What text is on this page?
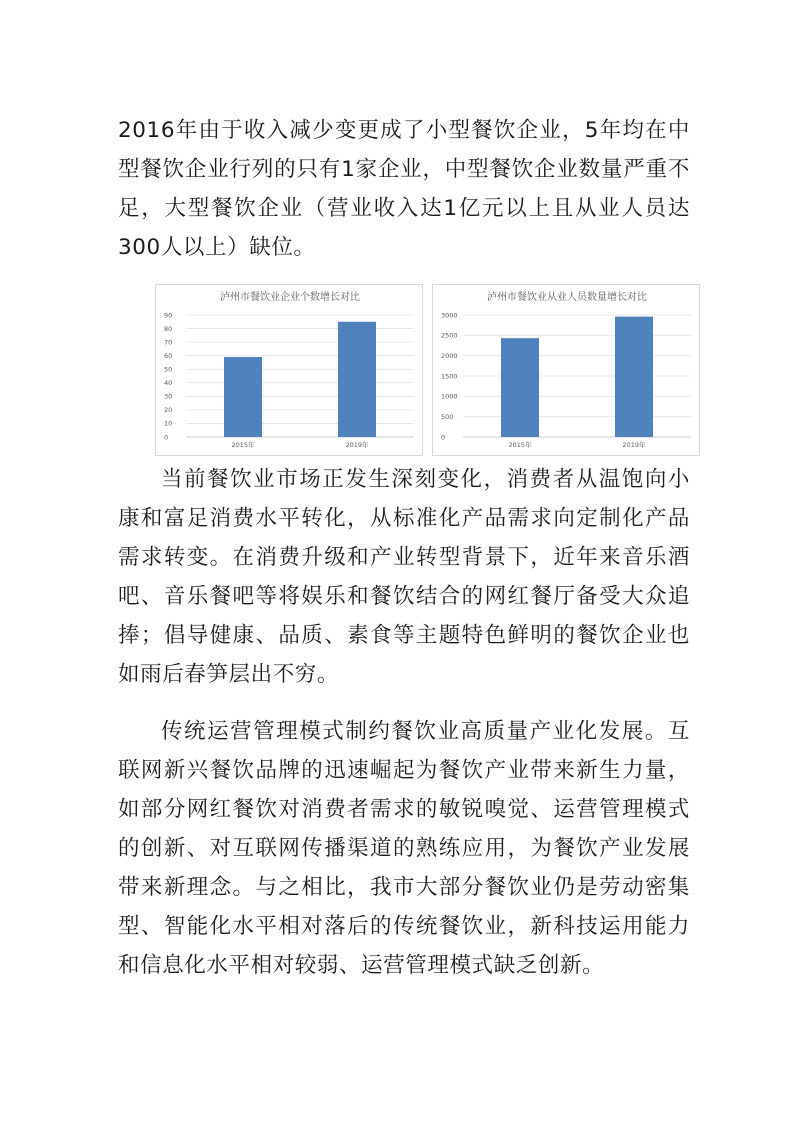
2016年由于收入减少变更成了小型餐饮企业，5年均在中型餐饮企业行列的只有1家企业，中型餐饮企业数量严重不足，大型餐饮企业（营业收入达1亿元以上且从业人员达300人以上）缺位。

泸州市餐饮业企业个数增长对比
0
10
20
30
40
50
60
70
80
90
2015年	2019年
泸州市餐饮业从业人员数量增长对比
0
500
1000
1500
2000
2500
3000
2015年	2019年

当前餐饮业市场正发生深刻变化，消费者从温饱向小康和富足消费水平转化，从标准化产品需求向定制化产品需求转变。在消费升级和产业转型背景下，近年来音乐酒吧、音乐餐吧等将娱乐和餐饮结合的网红餐厅备受大众追捧；倡导健康、品质、素食等主题特色鲜明的餐饮企业也如雨后春笋层出不穷。

传统运营管理模式制约餐饮业高质量产业化发展。互联网新兴餐饮品牌的迅速崛起为餐饮产业带来新生力量，如部分网红餐饮对消费者需求的敏锐嗅觉、运营管理模式的创新、对互联网传播渠道的熟练应用，为餐饮产业发展带来新理念。与之相比，我市大部分餐饮业仍是劳动密集型、智能化水平相对落后的传统餐饮业，新科技运用能力和信息化水平相对较弱、运营管理模式缺乏创新。
